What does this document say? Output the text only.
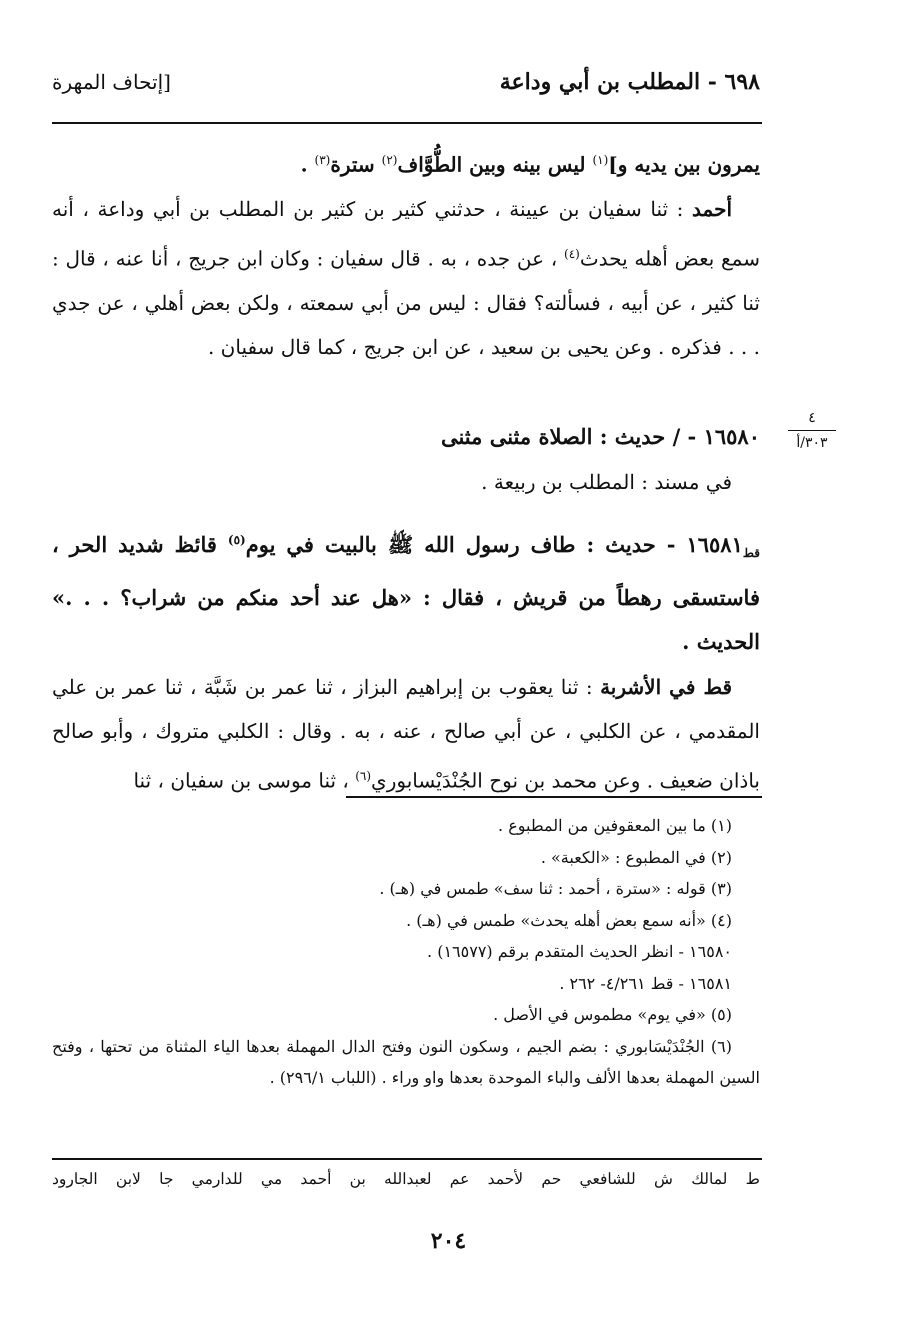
٦٩٨ - المطلب بن أبي وداعة
[إتحاف المهرة
يمرون بين يديه و]$^{(١)}$ ليس بينه وبين الطُّوَّاف$^{(٢)}$ سترة$^{(٣)}$ .
أحمد : ثنا سفيان بن عيينة ، حدثني كثير بن كثير بن المطلب بن أبي وداعة ، أنه سمع بعض أهله يحدث$^{(٤)}$ ، عن جده ، به . قال سفيان : وكان ابن جريج ، أنا عنه ، قال : ثنا كثير ، عن أبيه ، فسألته؟ فقال : ليس من أبي سمعته ، ولكن بعض أهلي ، عن جدي . . . فذكره . وعن يحيى بن سعيد ، عن ابن جريج ، كما قال سفيان .
٤
٣٠٣/أ
١٦٥٨٠ - / حديث : الصلاة مثنى مثنى
في مسند : المطلب بن ربيعة .
$_{قط}$١٦٥٨١ - حديث : طاف رسول الله ﷺ بالبيت في يوم$^{(٥)}$ قائظ شديد الحر ، فاستسقى رهطاً من قريش ، فقال : «هل عند أحد منكم من شراب؟ . . .» الحديث .
قط في الأشربة : ثنا يعقوب بن إبراهيم البزاز ، ثنا عمر بن شَبَّة ، ثنا عمر بن علي المقدمي ، عن الكلبي ، عن أبي صالح ، عنه ، به . وقال : الكلبي متروك ، وأبو صالح باذان ضعيف . وعن محمد بن نوح الجُنْدَيْسابوري$^{(٦)}$ ، ثنا موسى بن سفيان ، ثنا
(١) ما بين المعقوفين من المطبوع .
(٢) في المطبوع : «الكعبة» .
(٣) قوله : «سترة ، أحمد : ثنا سف» طمس في (هـ) .
(٤) «أنه سمع بعض أهله يحدث» طمس في (هـ) .
١٦٥٨٠ - انظر الحديث المتقدم برقم (١٦٥٧٧) .
١٦٥٨١ - قط ٤/٢٦١- ٢٦٢ .
(٥) «في يوم» مطموس في الأصل .
(٦) الجُنْدَيْسَابوري : بضم الجيم ، وسكون النون وفتح الدال المهملة بعدها الياء المثناة من تحتها ، وفتح السين المهملة بعدها الألف والباء الموحدة بعدها واو وراء . (اللباب ٢٩٦/١) .
ط لمالك ش للشافعي حم لأحمد عم لعبدالله بن أحمد مي للدارمي جا لابن الجارود
٢٠٤
